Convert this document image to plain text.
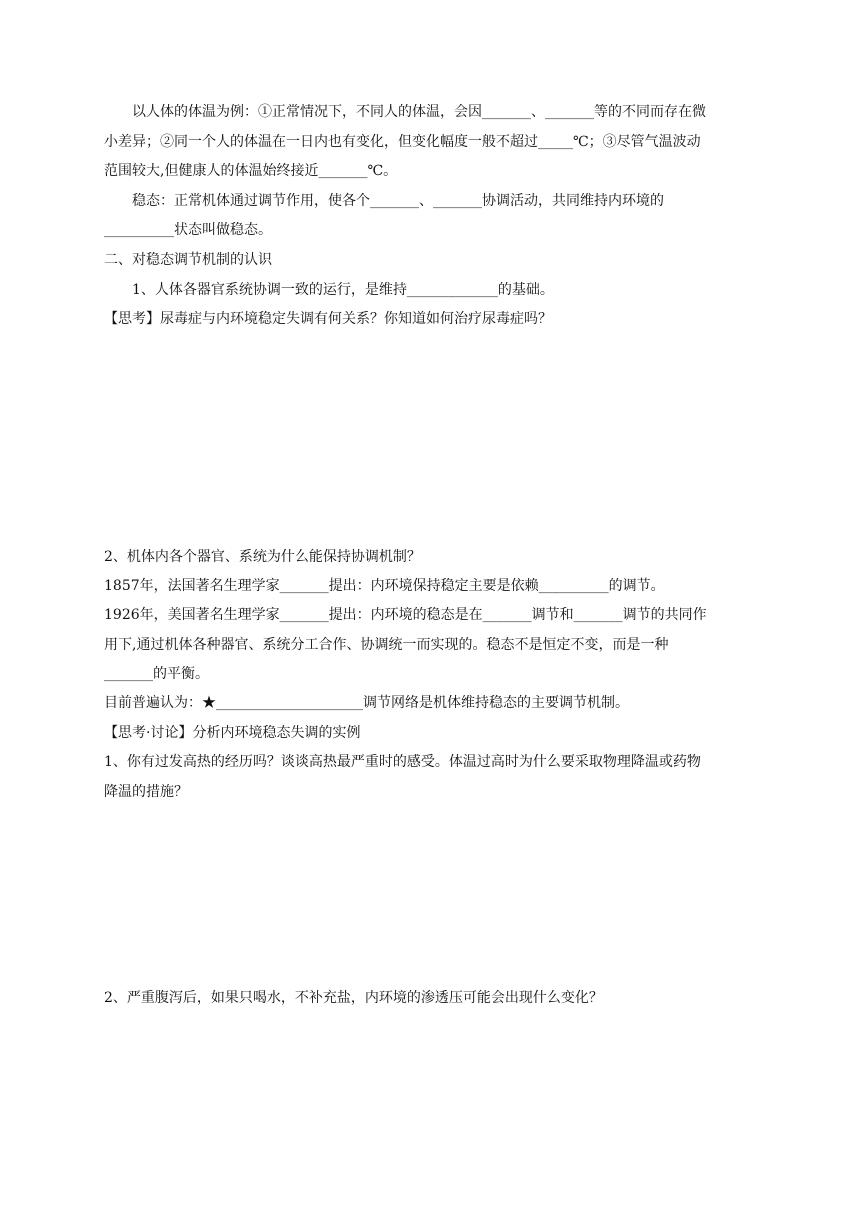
以人体的体温为例：①正常情况下，不同人的体温，会因_______、_______等的不同而存在微
小差异；②同一个人的体温在一日内也有变化，但变化幅度一般不超过_____℃；③尽管气温波动
范围较大,但健康人的体温始终接近_______℃。
稳态：正常机体通过调节作用，使各个_______、_______协调活动，共同维持内环境的
__________状态叫做稳态。
二、对稳态调节机制的认识
1、人体各器官系统协调一致的运行，是维持_____________的基础。
【思考】尿毒症与内环境稳定失调有何关系？你知道如何治疗尿毒症吗？
2、机体内各个器官、系统为什么能保持协调机制？
1857年，法国著名生理学家_______提出：内环境保持稳定主要是依赖__________的调节。
1926年，美国著名生理学家_______提出：内环境的稳态是在_______调节和_______调节的共同作
用下,通过机体各种器官、系统分工合作、协调统一而实现的。稳态不是恒定不变，而是一种
_______的平衡。
目前普遍认为：★_____________________调节网络是机体维持稳态的主要调节机制。
【思考·讨论】分析内环境稳态失调的实例
1、你有过发高热的经历吗？谈谈高热最严重时的感受。体温过高时为什么要采取物理降温或药物
降温的措施？
2、严重腹泻后，如果只喝水，不补充盐，内环境的渗透压可能会出现什么变化？
